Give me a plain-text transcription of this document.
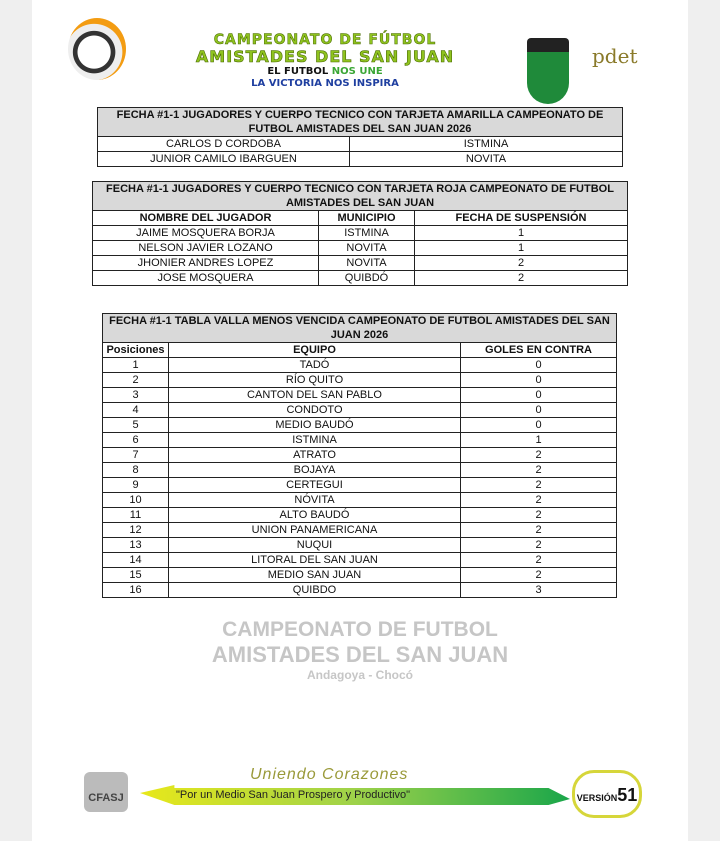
CAMPEONATO DE FÚTBOL
AMISTADES DEL SAN JUAN
EL FUTBOL NOS UNE
LA VICTORIA NOS INSPIRA
pdet
CAMPEONATO DE FUTBOL
AMISTADES DEL SAN JUAN
Andagoya - Chocó
FECHA #1-1 JUGADORES Y CUERPO TECNICO CON TARJETA AMARILLA CAMPEONATO DE FUTBOL AMISTADES DEL SAN JUAN 2026	
CARLOS D CORDOBA	ISTMINA
JUNIOR CAMILO IBARGUEN	NOVITA
FECHA #1-1 JUGADORES Y CUERPO TECNICO CON TARJETA ROJA CAMPEONATO DE FUTBOL AMISTADES DEL SAN JUAN		
NOMBRE DEL JUGADOR	MUNICIPIO	FECHA DE SUSPENSIÓN
JAIME MOSQUERA BORJA	ISTMINA	1
NELSON JAVIER LOZANO	NOVITA	1
JHONIER ANDRES LOPEZ	NOVITA	2
JOSE MOSQUERA	QUIBDÓ	2
FECHA #1-1 TABLA VALLA MENOS VENCIDA CAMPEONATO DE FUTBOL AMISTADES DEL SAN JUAN 2026		
Posiciones	EQUIPO	GOLES EN CONTRA
1	TADÓ	0
2	RÍO QUITO	0
3	CANTON DEL SAN PABLO	0
4	CONDOTO	0
5	MEDIO BAUDÓ	0
6	ISTMINA	1
7	ATRATO	2
8	BOJAYA	2
9	CERTEGUI	2
10	NÓVITA	2
11	ALTO BAUDÓ	2
12	UNION PANAMERICANA	2
13	NUQUI	2
14	LITORAL DEL SAN JUAN	2
15	MEDIO SAN JUAN	2
16	QUIBDO	3
CFASJ
Uniendo Corazones
"Por un Medio San Juan Prospero y Productivo"	VERSIÓN51
